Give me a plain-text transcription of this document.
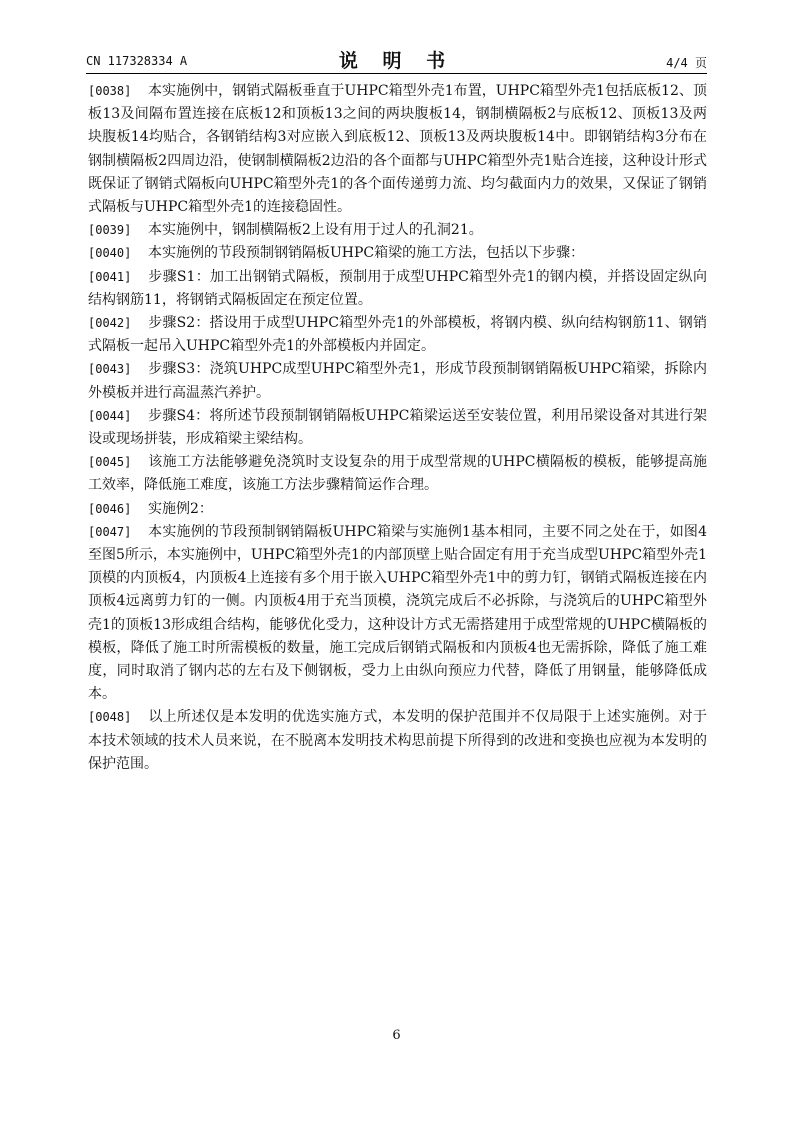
CN 117328334 A	说 明 书	4/4 页

[0038] 本实施例中，钢销式隔板垂直于UHPC箱型外壳1布置，UHPC箱型外壳1包括底板12、顶板13及间隔布置连接在底板12和顶板13之间的两块腹板14，钢制横隔板2与底板12、顶板13及两块腹板14均贴合，各钢销结构3对应嵌入到底板12、顶板13及两块腹板14中。即钢销结构3分布在钢制横隔板2四周边沿，使钢制横隔板2边沿的各个面都与UHPC箱型外壳1贴合连接，这种设计形式既保证了钢销式隔板向UHPC箱型外壳1的各个面传递剪力流、均匀截面内力的效果，又保证了钢销式隔板与UHPC箱型外壳1的连接稳固性。

[0039] 本实施例中，钢制横隔板2上设有用于过人的孔洞21。

[0040] 本实施例的节段预制钢销隔板UHPC箱梁的施工方法，包括以下步骤：

[0041] 步骤S1：加工出钢销式隔板，预制用于成型UHPC箱型外壳1的钢内模，并搭设固定纵向结构钢筋11，将钢销式隔板固定在预定位置。

[0042] 步骤S2：搭设用于成型UHPC箱型外壳1的外部模板，将钢内模、纵向结构钢筋11、钢销式隔板一起吊入UHPC箱型外壳1的外部模板内并固定。

[0043] 步骤S3：浇筑UHPC成型UHPC箱型外壳1，形成节段预制钢销隔板UHPC箱梁，拆除内外模板并进行高温蒸汽养护。

[0044] 步骤S4：将所述节段预制钢销隔板UHPC箱梁运送至安装位置，利用吊梁设备对其进行架设或现场拼装，形成箱梁主梁结构。

[0045] 该施工方法能够避免浇筑时支设复杂的用于成型常规的UHPC横隔板的模板，能够提高施工效率，降低施工难度，该施工方法步骤精简运作合理。

[0046] 实施例2：

[0047] 本实施例的节段预制钢销隔板UHPC箱梁与实施例1基本相同，主要不同之处在于，如图4至图5所示，本实施例中，UHPC箱型外壳1的内部顶壁上贴合固定有用于充当成型UHPC箱型外壳1顶模的内顶板4，内顶板4上连接有多个用于嵌入UHPC箱型外壳1中的剪力钉，钢销式隔板连接在内顶板4远离剪力钉的一侧。内顶板4用于充当顶模，浇筑完成后不必拆除，与浇筑后的UHPC箱型外壳1的顶板13形成组合结构，能够优化受力，这种设计方式无需搭建用于成型常规的UHPC横隔板的模板，降低了施工时所需模板的数量，施工完成后钢销式隔板和内顶板4也无需拆除，降低了施工难度，同时取消了钢内芯的左右及下侧钢板，受力上由纵向预应力代替，降低了用钢量，能够降低成本。

[0048] 以上所述仅是本发明的优选实施方式，本发明的保护范围并不仅局限于上述实施例。对于本技术领域的技术人员来说，在不脱离本发明技术构思前提下所得到的改进和变换也应视为本发明的保护范围。

6
